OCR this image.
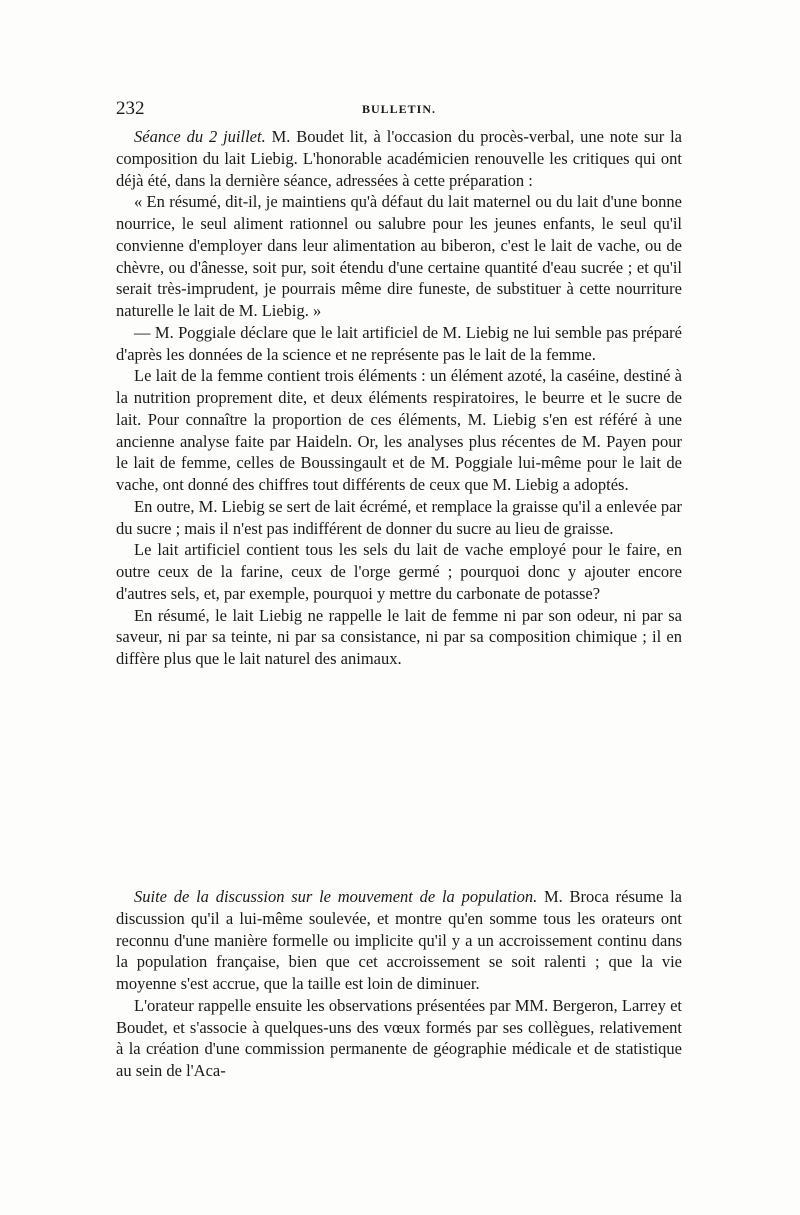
232	BULLETIN.

Séance du 2 juillet. M. Boudet lit, à l'occasion du procès-verbal, une note sur la composition du lait Liebig. L'honorable académicien renouvelle les critiques qui ont déjà été, dans la dernière séance, adressées à cette préparation :

« En résumé, dit-il, je maintiens qu'à défaut du lait maternel ou du lait d'une bonne nourrice, le seul aliment rationnel ou salubre pour les jeunes enfants, le seul qu'il convienne d'employer dans leur alimentation au biberon, c'est le lait de vache, ou de chèvre, ou d'ânesse, soit pur, soit étendu d'une certaine quantité d'eau sucrée ; et qu'il serait très-imprudent, je pourrais même dire funeste, de substituer à cette nourriture naturelle le lait de M. Liebig. »

— M. Poggiale déclare que le lait artificiel de M. Liebig ne lui semble pas préparé d'après les données de la science et ne représente pas le lait de la femme.

Le lait de la femme contient trois éléments : un élément azoté, la caséine, destiné à la nutrition proprement dite, et deux éléments respiratoires, le beurre et le sucre de lait. Pour connaître la proportion de ces éléments, M. Liebig s'en est référé à une ancienne analyse faite par Haideln. Or, les analyses plus récentes de M. Payen pour le lait de femme, celles de Boussingault et de M. Poggiale lui-même pour le lait de vache, ont donné des chiffres tout différents de ceux que M. Liebig a adoptés.

En outre, M. Liebig se sert de lait écrémé, et remplace la graisse qu'il a enlevée par du sucre ; mais il n'est pas indifférent de donner du sucre au lieu de graisse.

Le lait artificiel contient tous les sels du lait de vache employé pour le faire, en outre ceux de la farine, ceux de l'orge germé ; pourquoi donc y ajouter encore d'autres sels, et, par exemple, pourquoi y mettre du carbonate de potasse?

En résumé, le lait Liebig ne rappelle le lait de femme ni par son odeur, ni par sa saveur, ni par sa teinte, ni par sa consistance, ni par sa composition chimique ; il en diffère plus que le lait naturel des animaux.

Suite de la discussion sur le mouvement de la population. M. Broca résume la discussion qu'il a lui-même soulevée, et montre qu'en somme tous les orateurs ont reconnu d'une manière formelle ou implicite qu'il y a un accroissement continu dans la population française, bien que cet accroissement se soit ralenti ; que la vie moyenne s'est accrue, que la taille est loin de diminuer.

L'orateur rappelle ensuite les observations présentées par MM. Bergeron, Larrey et Boudet, et s'associe à quelques-uns des vœux formés par ses collègues, relativement à la création d'une commission permanente de géographie médicale et de statistique au sein de l'Aca-
